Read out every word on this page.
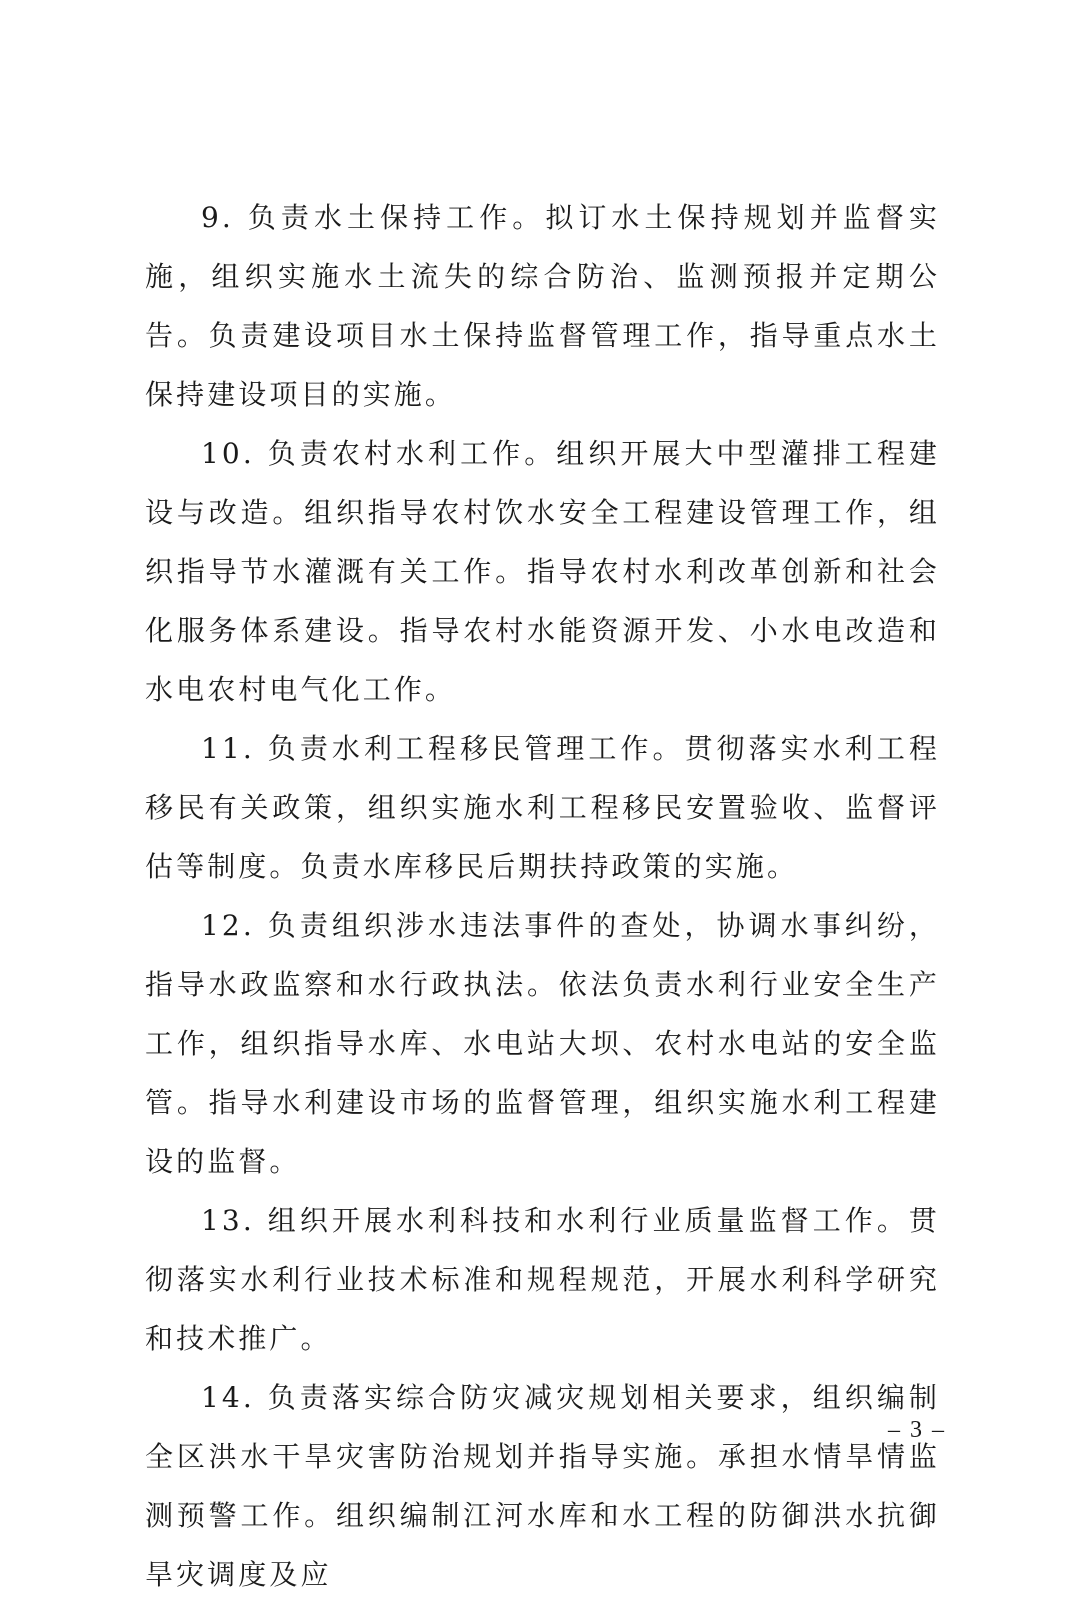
9. 负责水土保持工作。拟订水土保持规划并监督实施，组织实施水土流失的综合防治、监测预报并定期公告。负责建设项目水土保持监督管理工作，指导重点水土保持建设项目的实施。

10. 负责农村水利工作。组织开展大中型灌排工程建设与改造。组织指导农村饮水安全工程建设管理工作，组织指导节水灌溉有关工作。指导农村水利改革创新和社会化服务体系建设。指导农村水能资源开发、小水电改造和水电农村电气化工作。

11. 负责水利工程移民管理工作。贯彻落实水利工程移民有关政策，组织实施水利工程移民安置验收、监督评估等制度。负责水库移民后期扶持政策的实施。

12. 负责组织涉水违法事件的查处，协调水事纠纷，指导水政监察和水行政执法。依法负责水利行业安全生产工作，组织指导水库、水电站大坝、农村水电站的安全监管。指导水利建设市场的监督管理，组织实施水利工程建设的监督。

13. 组织开展水利科技和水利行业质量监督工作。贯彻落实水利行业技术标准和规程规范，开展水利科学研究和技术推广。

14. 负责落实综合防灾减灾规划相关要求，组织编制全区洪水干旱灾害防治规划并指导实施。承担水情旱情监测预警工作。组织编制江河水库和水工程的防御洪水抗御旱灾调度及应

– 3 –
